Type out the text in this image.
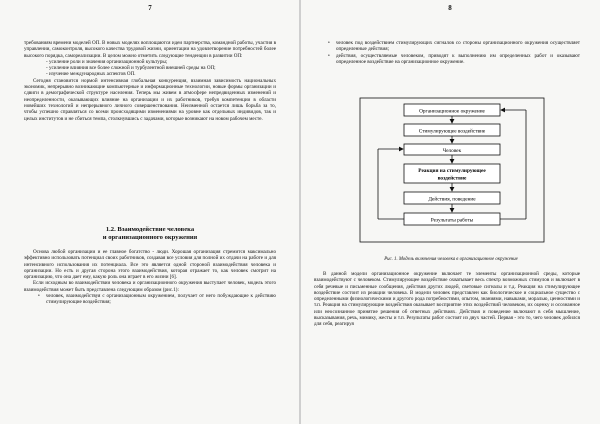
7

требованиям времени моделей ОП. В новых моделях воплощаются идеи партнерства, командной работы, участия в управлении, самоконтроля, высокого качества трудовой жизни, ориентации на удовлетворение потребностей более высокого порядка, самореализации. В целом можно отметить следующие тенденции в развитии ОП:

- усиление роли и значения организационной культуры;
- усиление влияния все более сложной и турбулентной внешней среды на ОП;
- изучение международных аспектов ОП.

Сегодня становится нормой интенсивная глобальная конкуренция, взаимная зависимость национальных экономик, непрерывно возникающие компьютерные и информационные технологии, новые формы организации и сдвиги в демографической структуре населения. Теперь мы живем в атмосфере непредвиденных изменений и неопределенности, оказывающих влияние на организации и их работников, требуя компетенции в области новейших технологий и непрерывного личного совершенствования. Неизменной остается лишь борьба за то, чтобы успешно справляться со всеми происходящими изменениями на уровне как отдельных индивидов, так и целых институтов и не сбиться темпа, столкнувшись с задачами, которые возникают на новом рабочем месте.

1.2. Взаимодействие человека
и организационного окружения

Основа любой организации и ее главное богатство - люди. Хорошая организация стремится максимально эффективно использовать потенциал своих работников, создавая все условия для полной их отдачи на работе и для интенсивного использования их потенциала. Все это является одной стороной взаимодействия человека и организации. Но есть и другая сторона этого взаимодействия, которая отражает то, как человек смотрит на организацию, что она дает ему, какую роль она играет в его жизни [6].

Если исходным во взаимодействии человека и организационного окружения выступает человек, модель этого взаимодействия может быть представлена следующим образом (рис.1):

• человек, взаимодействуя с организационным окружением, получает от него побуждающие к действию стимулирующие воздействия;
8
• человек под воздействием стимулирующих сигналов со стороны организационного окружения осуществляет определенные действия;
• действия, осуществляемые человеком, приводят к выполнению им определенных работ и оказывают определенное воздействие на организационное окружение.
Организационное окружение
Стимулирующее воздействие
Человек
Реакция на стимулирующее
воздействие
Действия, поведение
Результаты работы
Рис. 1. Модель включения человека в организационное окружение

В данной модели организационное окружение включает те элементы организационной среды, которые взаимодействуют с человеком. Стимулирующее воздействие охватывает весь спектр возможных стимулов и включает в себя речевые и письменные сообщения, действия других людей, световые сигналы и т.д. Реакция на стимулирующее воздействие состоит из реакции человека. В модели человек представлен как биологическое и социальное существо с определенными физиологическими и другого рода потребностями, опытом, знаниями, навыками, моралью, ценностями и т.п. Реакция на стимулирующие воздействия оказывает восприятие этих воздействий человеком, их оценку и осознанное или неосознанное принятие решения об ответных действиях. Действия и поведение включают в себя мышление, высказывания, речь, мимику, жесты и т.п. Результаты работ состоят из двух частей. Первая - это то, чего человек добился для себя, реагируя
